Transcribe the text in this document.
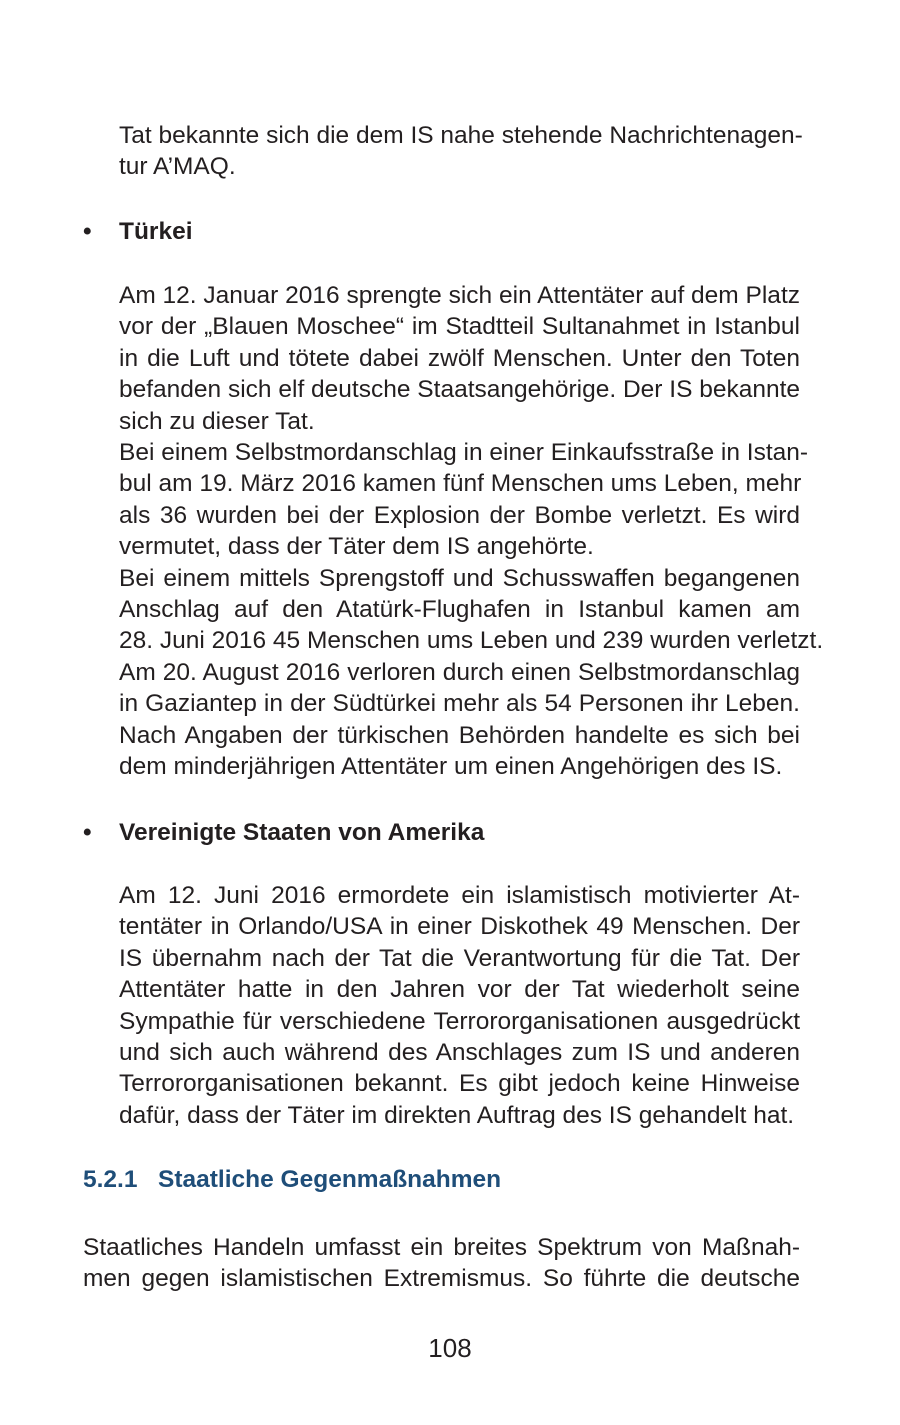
Tat bekannte sich die dem IS nahe stehende Nachrichtenagen-
tur A’MAQ.
• Türkei
Am 12. Januar 2016 sprengte sich ein Attentäter auf dem Platz
vor der „Blauen Moschee“ im Stadtteil Sultanahmet in Istanbul
in die Luft und tötete dabei zwölf Menschen. Unter den Toten
befanden sich elf deutsche Staatsangehörige. Der IS bekannte
sich zu dieser Tat.
Bei einem Selbstmordanschlag in einer Einkaufsstraße in Istan-
bul am 19. März 2016 kamen fünf Menschen ums Leben, mehr
als 36 wurden bei der Explosion der Bombe verletzt. Es wird
vermutet, dass der Täter dem IS angehörte.
Bei einem mittels Sprengstoff und Schusswaffen begangenen
Anschlag auf den Atatürk-Flughafen in Istanbul kamen am
28. Juni 2016 45 Menschen ums Leben und 239 wurden verletzt.
Am 20. August 2016 verloren durch einen Selbstmordanschlag
in Gaziantep in der Südtürkei mehr als 54 Personen ihr Leben.
Nach Angaben der türkischen Behörden handelte es sich bei
dem minderjährigen Attentäter um einen Angehörigen des IS.
• Vereinigte Staaten von Amerika
Am 12. Juni 2016 ermordete ein islamistisch motivierter At-
tentäter in Orlando/USA in einer Diskothek 49 Menschen. Der
IS übernahm nach der Tat die Verantwortung für die Tat. Der
Attentäter hatte in den Jahren vor der Tat wiederholt seine
Sympathie für verschiedene Terrororganisationen ausgedrückt
und sich auch während des Anschlages zum IS und anderen
Terrororganisationen bekannt. Es gibt jedoch keine Hinweise
dafür, dass der Täter im direkten Auftrag des IS gehandelt hat.
5.2.1 Staatliche Gegenmaßnahmen
Staatliches Handeln umfasst ein breites Spektrum von Maßnah-
men gegen islamistischen Extremismus. So führte die deutsche
108
